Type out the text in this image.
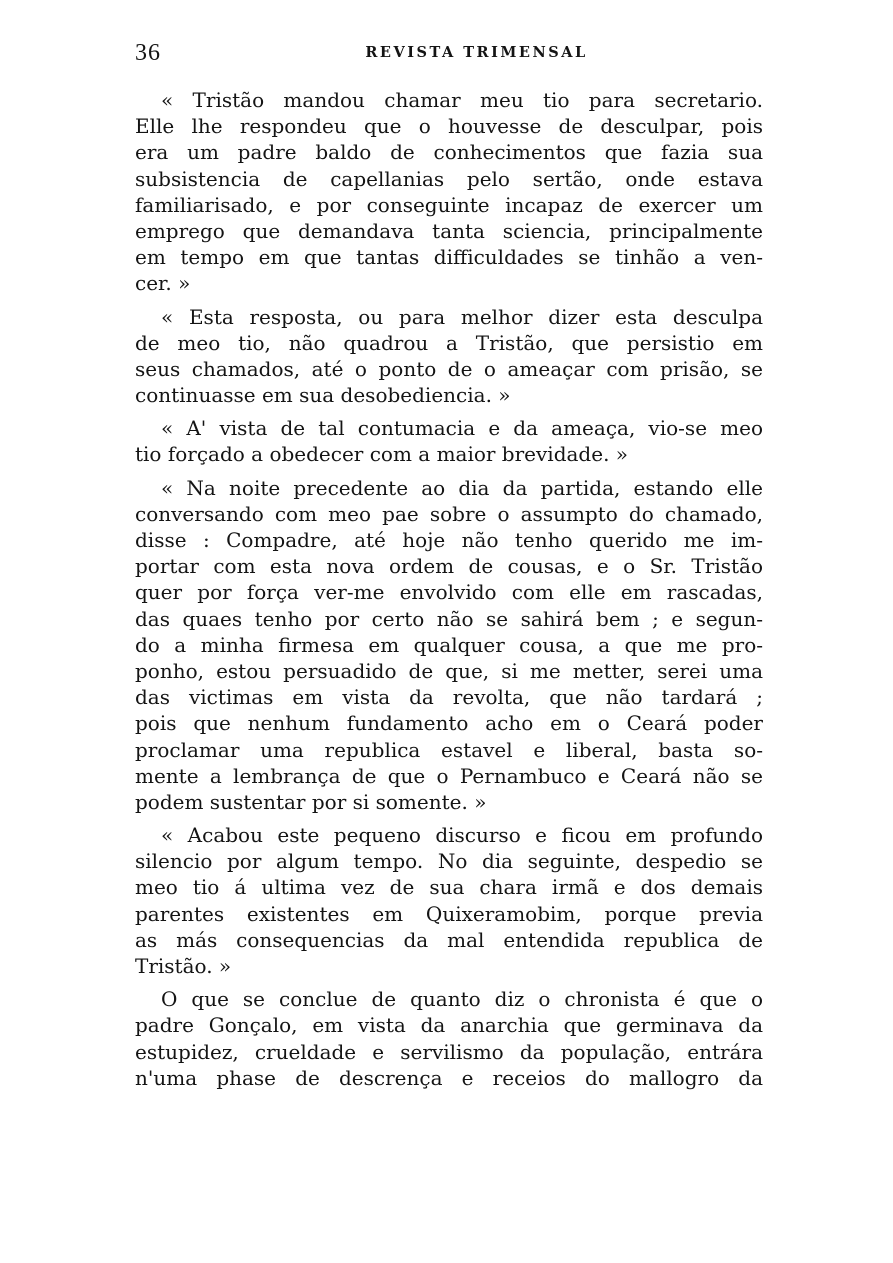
36	REVISTA TRIMENSAL
« Tristão mandou chamar meu tio para secretario.
Elle lhe respondeu que o houvesse de desculpar, pois
era um padre baldo de conhecimentos que fazia sua
subsistencia de capellanias pelo sertão, onde estava
familiarisado, e por conseguinte incapaz de exercer um
emprego que demandava tanta sciencia, principalmente
em tempo em que tantas difficuldades se tinhão a ven-
cer. »
« Esta resposta, ou para melhor dizer esta desculpa
de meo tio, não quadrou a Tristão, que persistio em
seus chamados, até o ponto de o ameaçar com prisão, se
continuasse em sua desobediencia. »
« A' vista de tal contumacia e da ameaça, vio-se meo
tio forçado a obedecer com a maior brevidade. »
« Na noite precedente ao dia da partida, estando elle
conversando com meo pae sobre o assumpto do chamado,
disse : Compadre, até hoje não tenho querido me im-
portar com esta nova ordem de cousas, e o Sr. Tristão
quer por força ver-me envolvido com elle em rascadas,
das quaes tenho por certo não se sahirá bem ; e segun-
do a minha firmesa em qualquer cousa, a que me pro-
ponho, estou persuadido de que, si me metter, serei uma
das victimas em vista da revolta, que não tardará ;
pois que nenhum fundamento acho em o Ceará poder
proclamar uma republica estavel e liberal, basta so-
mente a lembrança de que o Pernambuco e Ceará não se
podem sustentar por si somente. »
« Acabou este pequeno discurso e ficou em profundo
silencio por algum tempo. No dia seguinte, despedio se
meo tio á ultima vez de sua chara irmã e dos demais
parentes existentes em Quixeramobim, porque previa
as más consequencias da mal entendida republica de
Tristão. »
O que se conclue de quanto diz o chronista é que o
padre Gonçalo, em vista da anarchia que germinava da
estupidez, crueldade e servilismo da população, entrára
n'uma phase de descrença e receios do mallogro da
